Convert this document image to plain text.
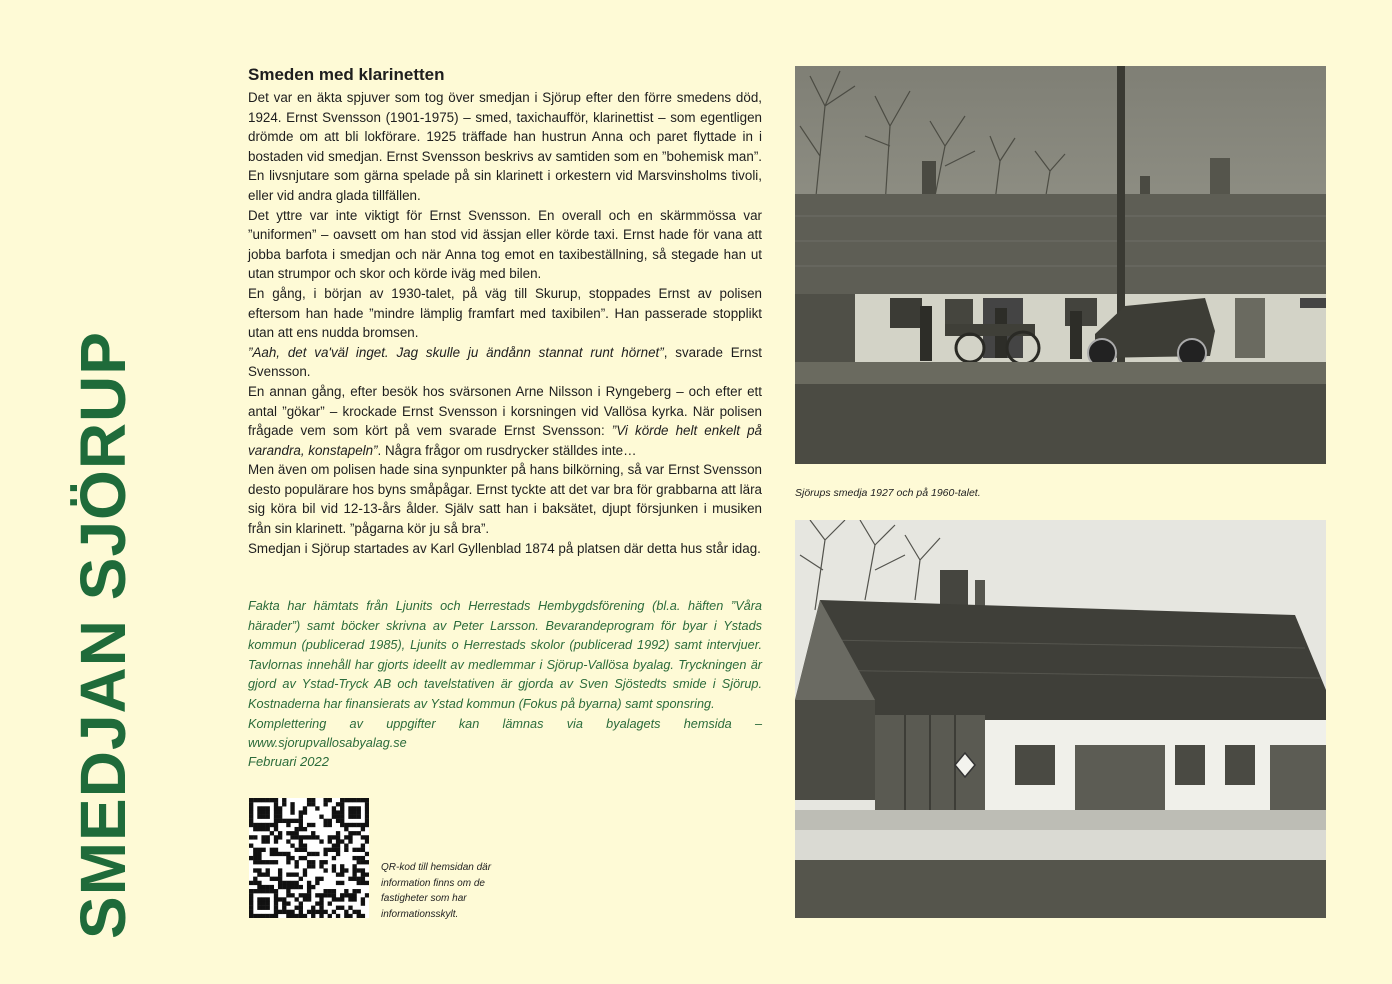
SMEDJAN SJÖRUP
Smeden med klarinetten

Det var en äkta spjuver som tog över smedjan i Sjörup efter den förre smedens död, 1924. Ernst Svensson (1901-1975) – smed, taxichaufför, klarinettist – som egentligen drömde om att bli lokförare. 1925 träffade han hustrun Anna och paret flyttade in i bostaden vid smedjan. Ernst Svensson beskrivs av samtiden som en ”bohemisk man”. En livsnjutare som gärna spelade på sin klarinett i orkestern vid Marsvinsholms tivoli, eller vid andra glada tillfällen.

Det yttre var inte viktigt för Ernst Svensson. En overall och en skärmmössa var ”uniformen” – oavsett om han stod vid ässjan eller körde taxi. Ernst hade för vana att jobba barfota i smedjan och när Anna tog emot en taxibeställning, så stegade han ut utan strumpor och skor och körde iväg med bilen.

En gång, i början av 1930-talet, på väg till Skurup, stoppades Ernst av polisen eftersom han hade ”mindre lämplig framfart med taxibilen”. Han passerade stopplikt utan att ens nudda bromsen.

”Aah, det va'väl inget. Jag skulle ju ändånn stannat runt hörnet”, svarade Ernst Svensson.

En annan gång, efter besök hos svärsonen Arne Nilsson i Ryngeberg – och efter ett antal ”gökar” – krockade Ernst Svensson i korsningen vid Vallösa kyrka. När polisen frågade vem som kört på vem svarade Ernst Svensson: ”Vi körde helt enkelt på varandra, konstapeln”. Några frågor om rusdrycker ställdes inte…

Men även om polisen hade sina synpunkter på hans bilkörning, så var Ernst Svensson desto populärare hos byns småpågar. Ernst tyckte att det var bra för grabbarna att lära sig köra bil vid 12-13-års ålder. Själv satt han i baksätet, djupt försjunken i musiken från sin klarinett. ”pågarna kör ju så bra”.

Smedjan i Sjörup startades av Karl Gyllenblad 1874 på platsen där detta hus står idag.

Fakta har hämtats från Ljunits och Herrestads Hembygdsförening (bl.a. häften ”Våra härader”) samt böcker skrivna av Peter Larsson. Bevarandeprogram för byar i Ystads kommun (publicerad 1985), Ljunits o Herrestads skolor (publicerad 1992) samt intervjuer. Tavlornas innehåll har gjorts ideellt av medlemmar i Sjörup-Vallösa byalag. Tryckningen är gjord av Ystad-Tryck AB och tavelstativen är gjorda av Sven Sjöstedts smide i Sjörup. Kostnaderna har finansierats av Ystad kommun (Fokus på byarna) samt sponsring.

Komplettering av uppgifter kan lämnas via byalagets hemsida – www.sjorupvallosabyalag.se

Februari 2022
QR-kod till hemsidan där information finns om de fastigheter som har informationsskylt.
Sjörups smedja 1927 och på 1960-talet.
